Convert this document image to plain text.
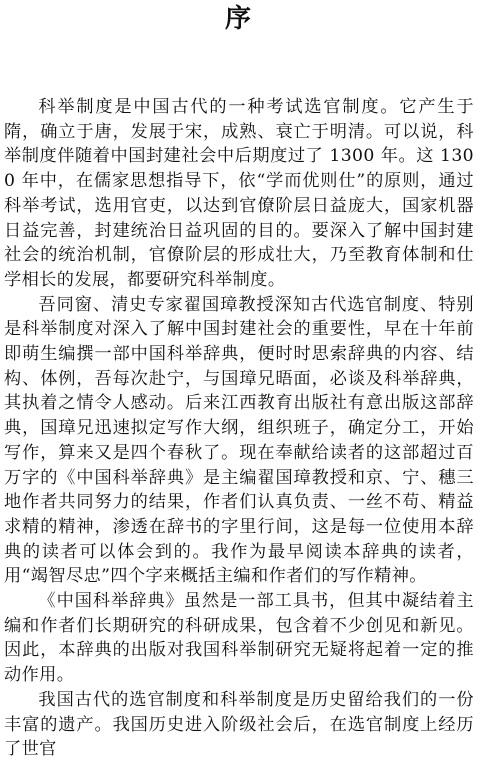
序

科举制度是中国古代的一种考试选官制度。它产生于隋，确立于唐，发展于宋，成熟、衰亡于明清。可以说，科举制度伴随着中国封建社会中后期度过了 1300 年。这 1300 年中，在儒家思想指导下，依“学而优则仕”的原则，通过科举考试，选用官吏，以达到官僚阶层日益庞大，国家机器日益完善，封建统治日益巩固的目的。要深入了解中国封建社会的统治机制，官僚阶层的形成壮大，乃至教育体制和仕学相长的发展，都要研究科举制度。

吾同窗、清史专家翟国璋教授深知古代选官制度、特别是科举制度对深入了解中国封建社会的重要性，早在十年前即萌生编撰一部中国科举辞典，便时时思索辞典的内容、结构、体例，吾每次赴宁，与国璋兄晤面，必谈及科举辞典，其执着之情令人感动。后来江西教育出版社有意出版这部辞典，国璋兄迅速拟定写作大纲，组织班子，确定分工，开始写作，算来又是四个春秋了。现在奉献给读者的这部超过百万字的《中国科举辞典》是主编翟国璋教授和京、宁、穗三地作者共同努力的结果，作者们认真负责、一丝不苟、精益求精的精神，渗透在辞书的字里行间，这是每一位使用本辞典的读者可以体会到的。我作为最早阅读本辞典的读者，用“竭智尽忠”四个字来概括主编和作者们的写作精神。

《中国科举辞典》虽然是一部工具书，但其中凝结着主编和作者们长期研究的科研成果，包含着不少创见和新见。因此，本辞典的出版对我国科举制研究无疑将起着一定的推动作用。

我国古代的选官制度和科举制度是历史留给我们的一份丰富的遗产。我国历史进入阶级社会后，在选官制度上经历了世官
